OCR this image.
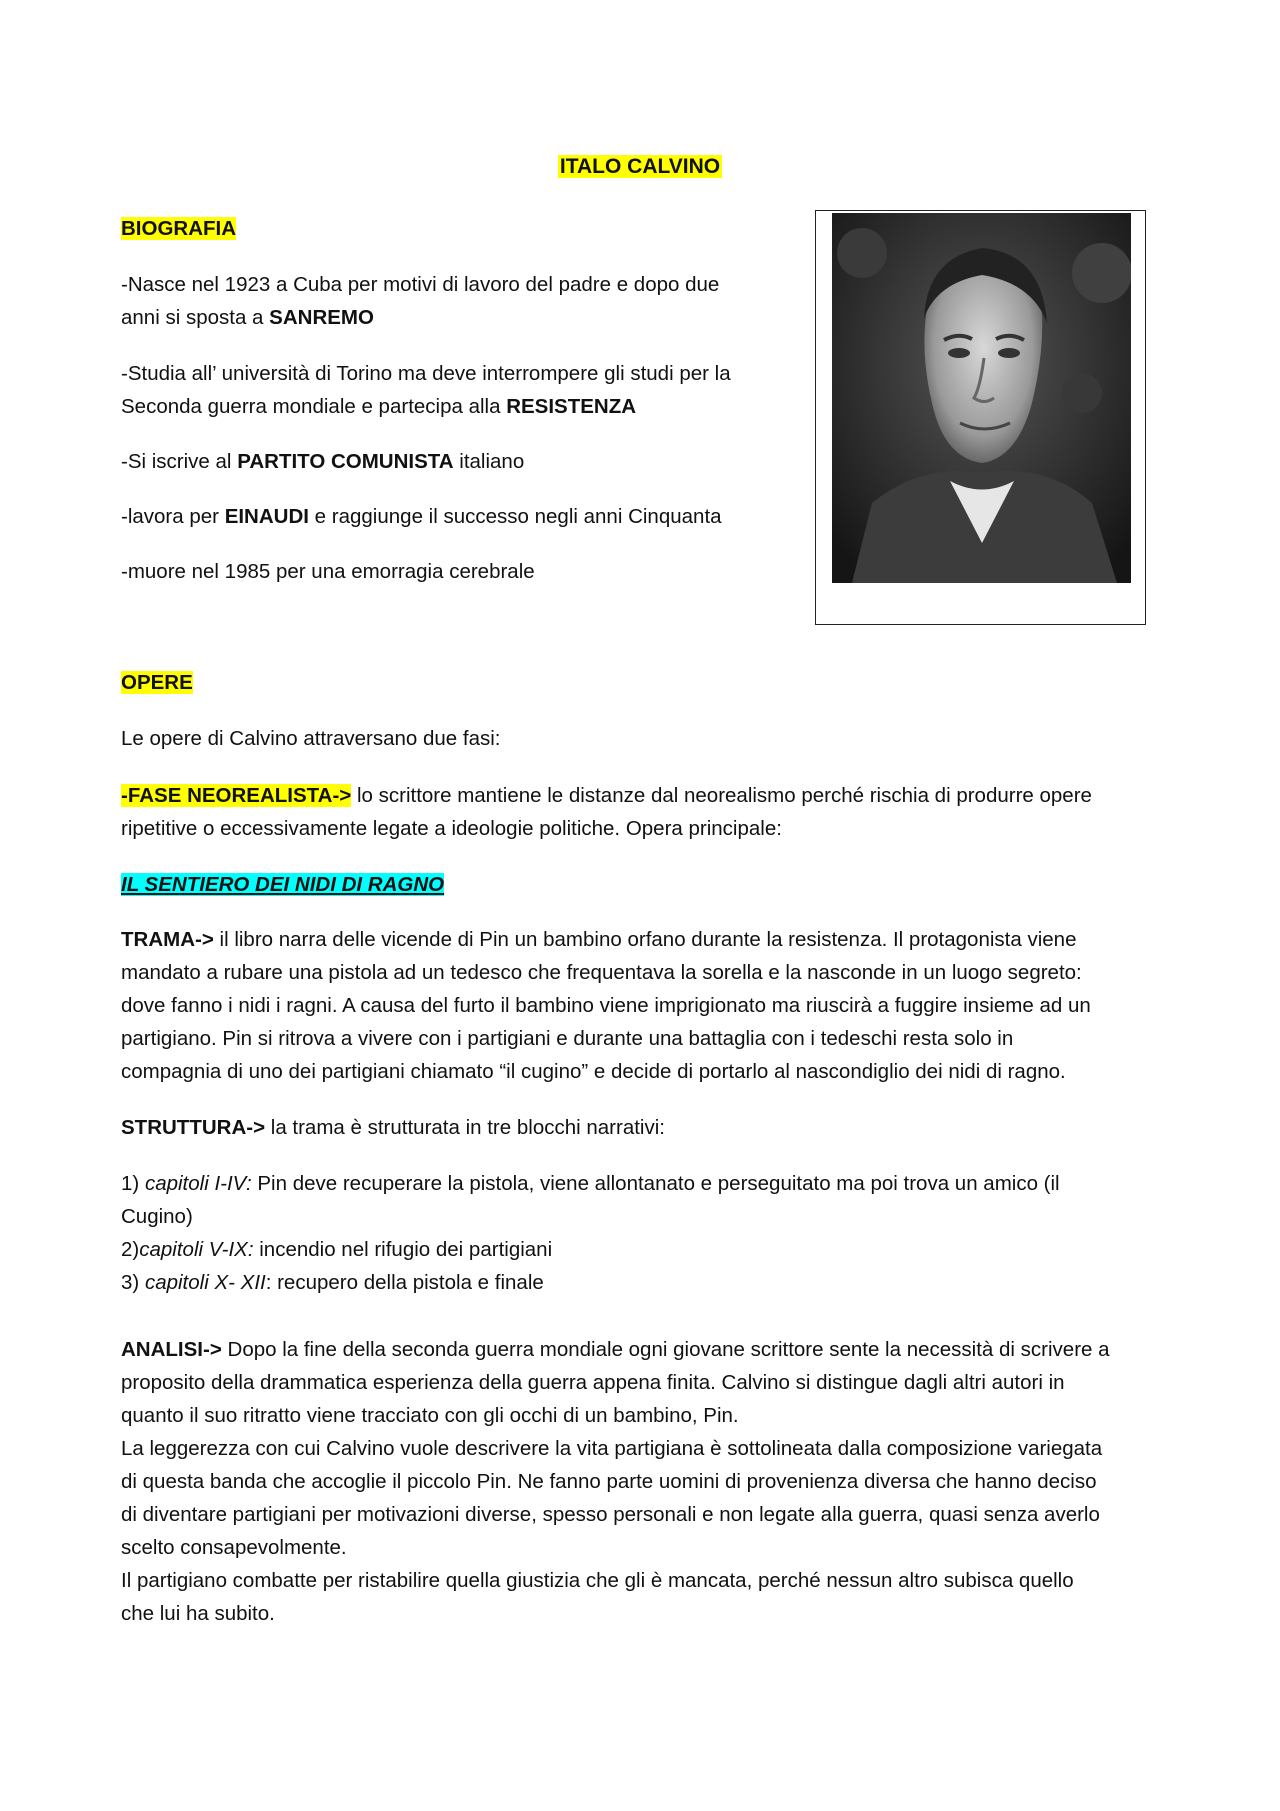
ITALO CALVINO
BIOGRAFIA
-Nasce nel 1923 a Cuba per motivi di lavoro del padre e dopo due
anni si sposta a SANREMO
-Studia all’ università di Torino ma deve interrompere gli studi per la
Seconda guerra mondiale e partecipa alla RESISTENZA
-Si iscrive al PARTITO COMUNISTA italiano
-lavora per EINAUDI e raggiunge il successo negli anni Cinquanta
-muore nel 1985 per una emorragia cerebrale
OPERE
Le opere di Calvino attraversano due fasi:
-FASE NEOREALISTA-> lo scrittore mantiene le distanze dal neorealismo perché rischia di produrre opere
ripetitive o eccessivamente legate a ideologie politiche. Opera principale:
IL SENTIERO DEI NIDI DI RAGNO
TRAMA-> il libro narra delle vicende di Pin un bambino orfano durante la resistenza. Il protagonista viene
mandato a rubare una pistola ad un tedesco che frequentava la sorella e la nasconde in un luogo segreto:
dove fanno i nidi i ragni. A causa del furto il bambino viene imprigionato ma riuscirà a fuggire insieme ad un
partigiano. Pin si ritrova a vivere con i partigiani e durante una battaglia con i tedeschi resta solo in
compagnia di uno dei partigiani chiamato “il cugino” e decide di portarlo al nascondiglio dei nidi di ragno.
STRUTTURA-> la trama è strutturata in tre blocchi narrativi:
1) capitoli I-IV: Pin deve recuperare la pistola, viene allontanato e perseguitato ma poi trova un amico (il
Cugino)
2)capitoli V-IX: incendio nel rifugio dei partigiani
3) capitoli X- XII: recupero della pistola e finale
ANALISI-> Dopo la fine della seconda guerra mondiale ogni giovane scrittore sente la necessità di scrivere a
proposito della drammatica esperienza della guerra appena finita. Calvino si distingue dagli altri autori in
quanto il suo ritratto viene tracciato con gli occhi di un bambino, Pin.
La leggerezza con cui Calvino vuole descrivere la vita partigiana è sottolineata dalla composizione variegata
di questa banda che accoglie il piccolo Pin. Ne fanno parte uomini di provenienza diversa che hanno deciso
di diventare partigiani per motivazioni diverse, spesso personali e non legate alla guerra, quasi senza averlo
scelto consapevolmente.
Il partigiano combatte per ristabilire quella giustizia che gli è mancata, perché nessun altro subisca quello
che lui ha subito.
